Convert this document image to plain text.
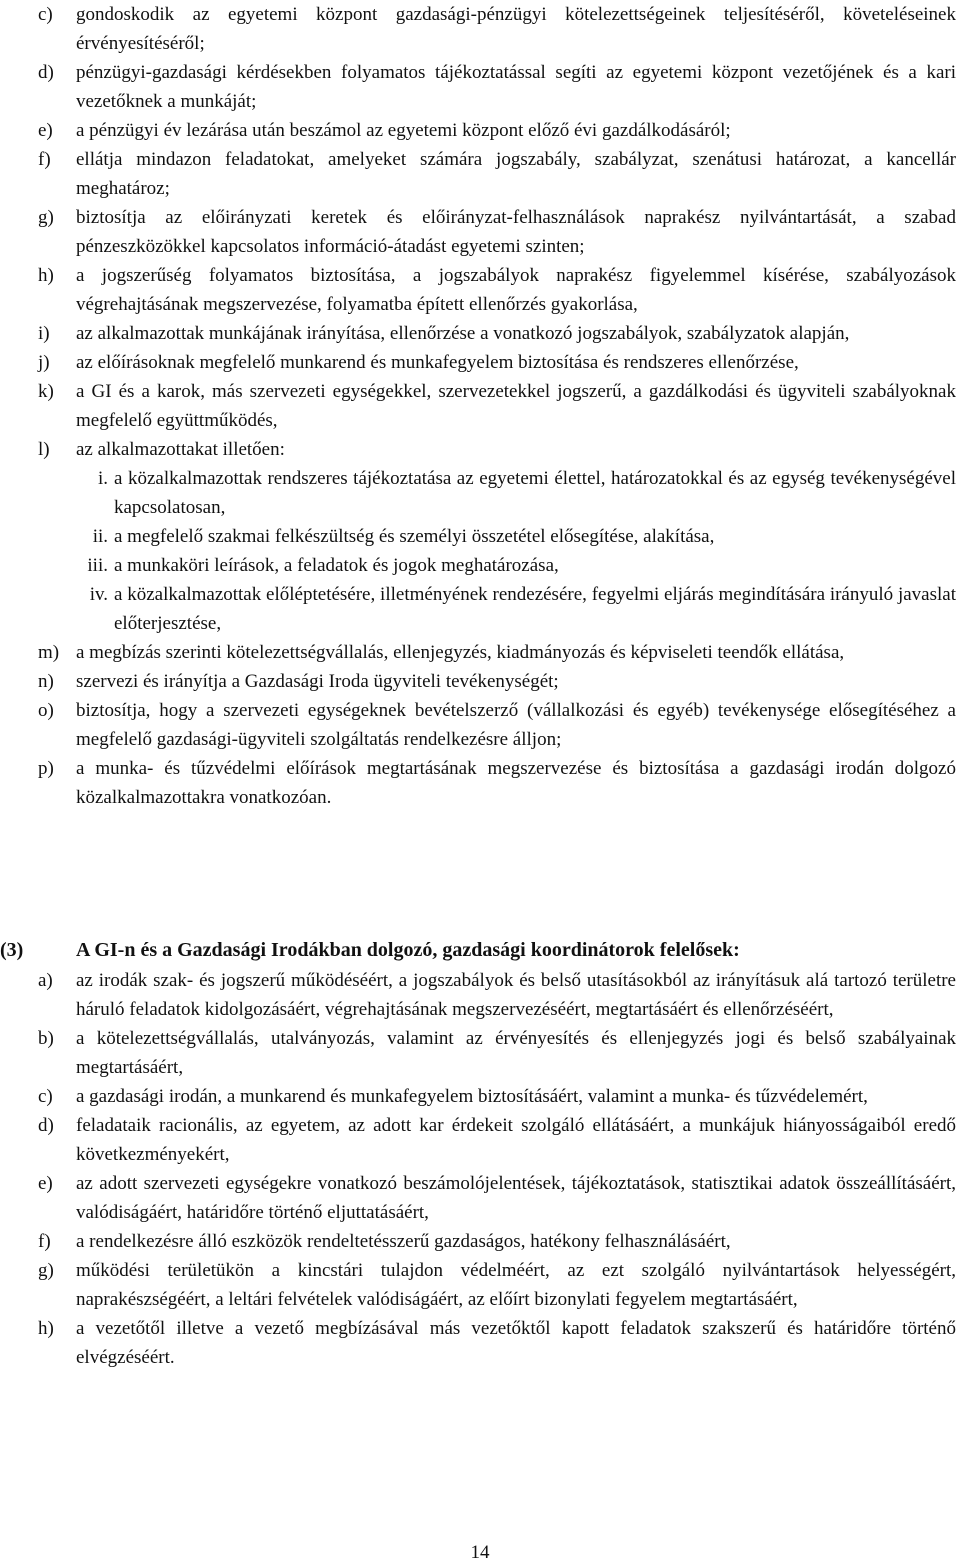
c) gondoskodik az egyetemi központ gazdasági-pénzügyi kötelezettségeinek teljesítéséről, követeléseinek érvényesítéséről;
d) pénzügyi-gazdasági kérdésekben folyamatos tájékoztatással segíti az egyetemi központ vezetőjének és a kari vezetőknek a munkáját;
e) a pénzügyi év lezárása után beszámol az egyetemi központ előző évi gazdálkodásáról;
f) ellátja mindazon feladatokat, amelyeket számára jogszabály, szabályzat, szenátusi határozat, a kancellár meghatároz;
g) biztosítja az előirányzati keretek és előirányzat-felhasználások naprakész nyilvántartását, a szabad pénzeszközökkel kapcsolatos információ-átadást egyetemi szinten;
h) a jogszerűség folyamatos biztosítása, a jogszabályok naprakész figyelemmel kísérése, szabályozások végrehajtásának megszervezése, folyamatba épített ellenőrzés gyakorlása,
i) az alkalmazottak munkájának irányítása, ellenőrzése a vonatkozó jogszabályok, szabályzatok alapján,
j) az előírásoknak megfelelő munkarend és munkafegyelem biztosítása és rendszeres ellenőrzése,
k) a GI és a karok, más szervezeti egységekkel, szervezetekkel jogszerű, a gazdálkodási és ügyviteli szabályoknak megfelelő együttműködés,
l) az alkalmazottakat illetően:
i. a közalkalmazottak rendszeres tájékoztatása az egyetemi élettel, határozatokkal és az egység tevékenységével kapcsolatosan,
ii. a megfelelő szakmai felkészültség és személyi összetétel elősegítése, alakítása,
iii. a munkaköri leírások, a feladatok és jogok meghatározása,
iv. a közalkalmazottak előléptetésére, illetményének rendezésére, fegyelmi eljárás megindítására irányuló javaslat előterjesztése,
m) a megbízás szerinti kötelezettségvállalás, ellenjegyzés, kiadmányozás és képviseleti teendők ellátása,
n) szervezi és irányítja a Gazdasági Iroda ügyviteli tevékenységét;
o) biztosítja, hogy a szervezeti egységeknek bevételszerző (vállalkozási és egyéb) tevékenysége elősegítéséhez a megfelelő gazdasági-ügyviteli szolgáltatás rendelkezésre álljon;
p) a munka- és tűzvédelmi előírások megtartásának megszervezése és biztosítása a gazdasági irodán dolgozó közalkalmazottakra vonatkozóan.
(3)	A GI-n és a Gazdasági Irodákban dolgozó, gazdasági koordinátorok felelősek:
a) az irodák szak- és jogszerű működéséért, a jogszabályok és belső utasításokból az irányításuk alá tartozó területre háruló feladatok kidolgozásáért, végrehajtásának megszervezéséért, megtartásáért és ellenőrzéséért,
b) a kötelezettségvállalás, utalványozás, valamint az érvényesítés és ellenjegyzés jogi és belső szabályainak megtartásáért,
c) a gazdasági irodán, a munkarend és munkafegyelem biztosításáért, valamint a munka- és tűzvédelemért,
d) feladataik racionális, az egyetem, az adott kar érdekeit szolgáló ellátásáért, a munkájuk hiányosságaiból eredő következményekért,
e) az adott szervezeti egységekre vonatkozó beszámolójelentések, tájékoztatások, statisztikai adatok összeállításáért, valódiságáért, határidőre történő eljuttatásáért,
f) a rendelkezésre álló eszközök rendeltetésszerű gazdaságos, hatékony felhasználásáért,
g) működési területükön a kincstári tulajdon védelméért, az ezt szolgáló nyilvántartások helyességért, naprakészségéért, a leltári felvételek valódiságáért, az előírt bizonylati fegyelem megtartásáért,
h) a vezetőtől illetve a vezető megbízásával más vezetőktől kapott feladatok szakszerű és határidőre történő elvégzéséért.
14
